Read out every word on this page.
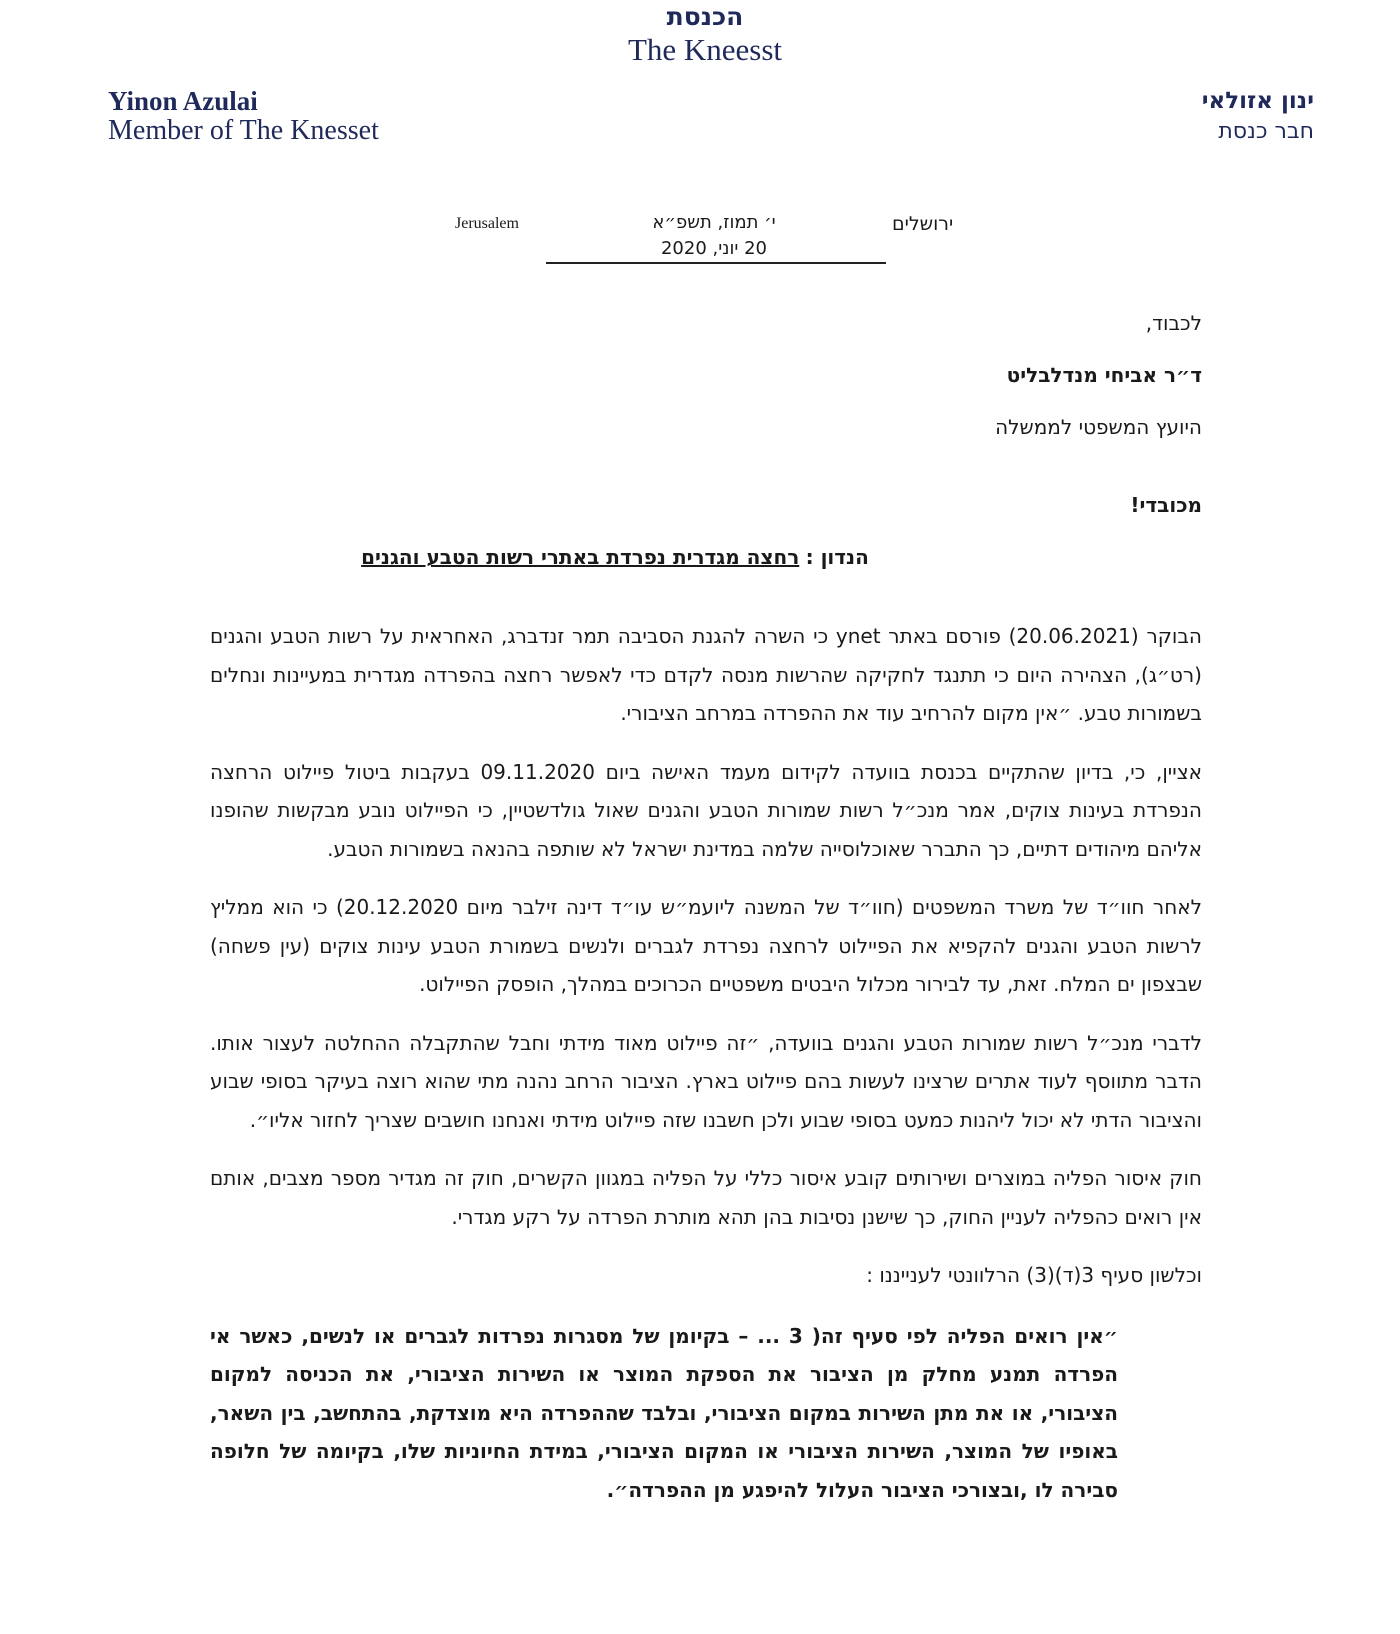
הכנסת
The Kneesst
Yinon Azulai
Member of The Knesset
ינון אזולאי
חבר כנסת
ירושלים
י׳ תמוז, תשפ״א
20 יוני, 2020
Jerusalem
לכבוד,
ד״ר אביחי מנדלבליט
היועץ המשפטי לממשלה
מכובדי!
הנדון : רחצה מגדרית נפרדת באתרי רשות הטבע והגנים

הבוקר (20.06.2021) פורסם באתר ynet כי השרה להגנת הסביבה תמר זנדברג, האחראית על רשות הטבע והגנים (רט״ג), הצהירה היום כי תתנגד לחקיקה שהרשות מנסה לקדם כדי לאפשר רחצה בהפרדה מגדרית במעיינות ונחלים בשמורות טבע. ״אין מקום להרחיב עוד את ההפרדה במרחב הציבורי.

אציין, כי, בדיון שהתקיים בכנסת בוועדה לקידום מעמד האישה ביום 09.11.2020 בעקבות ביטול פיילוט הרחצה הנפרדת בעינות צוקים, אמר מנכ״ל רשות שמורות הטבע והגנים שאול גולדשטיין, כי הפיילוט נובע מבקשות שהופנו אליהם מיהודים דתיים, כך התברר שאוכלוסייה שלמה במדינת ישראל לא שותפה בהנאה בשמורות הטבע.

לאחר חוו״ד של משרד המשפטים (חוו״ד של המשנה ליועמ״ש עו״ד דינה זילבר מיום 20.12.2020) כי הוא ממליץ לרשות הטבע והגנים להקפיא את הפיילוט לרחצה נפרדת לגברים ולנשים בשמורת הטבע עינות צוקים (עין פשחה) שבצפון ים המלח. זאת, עד לבירור מכלול היבטים משפטיים הכרוכים במהלך, הופסק הפיילוט.

לדברי מנכ״ל רשות שמורות הטבע והגנים בוועדה, ״זה פיילוט מאוד מידתי וחבל שהתקבלה ההחלטה לעצור אותו. הדבר מתווסף לעוד אתרים שרצינו לעשות בהם פיילוט בארץ. הציבור הרחב נהנה מתי שהוא רוצה בעיקר בסופי שבוע והציבור הדתי לא יכול ליהנות כמעט בסופי שבוע ולכן חשבנו שזה פיילוט מידתי ואנחנו חושבים שצריך לחזור אליו״.

חוק איסור הפליה במוצרים ושירותים קובע איסור כללי על הפליה במגוון הקשרים, חוק זה מגדיר מספר מצבים, אותם אין רואים כהפליה לעניין החוק, כך שישנן נסיבות בהן תהא מותרת הפרדה על רקע מגדרי.

וכלשון סעיף 3(ד)(3) הרלוונטי לענייננו :

״אין רואים הפליה לפי סעיף זה( 3 ... – בקיומן של מסגרות נפרדות לגברים או לנשים, כאשר אי הפרדה תמנע מחלק מן הציבור את הספקת המוצר או השירות הציבורי, את הכניסה למקום הציבורי, או את מתן השירות במקום הציבורי, ובלבד שההפרדה היא מוצדקת, בהתחשב, בין השאר, באופיו של המוצר, השירות הציבורי או המקום הציבורי, במידת החיוניות שלו, בקיומה של חלופה סבירה לו ,ובצורכי הציבור העלול להיפגע מן ההפרדה״.
